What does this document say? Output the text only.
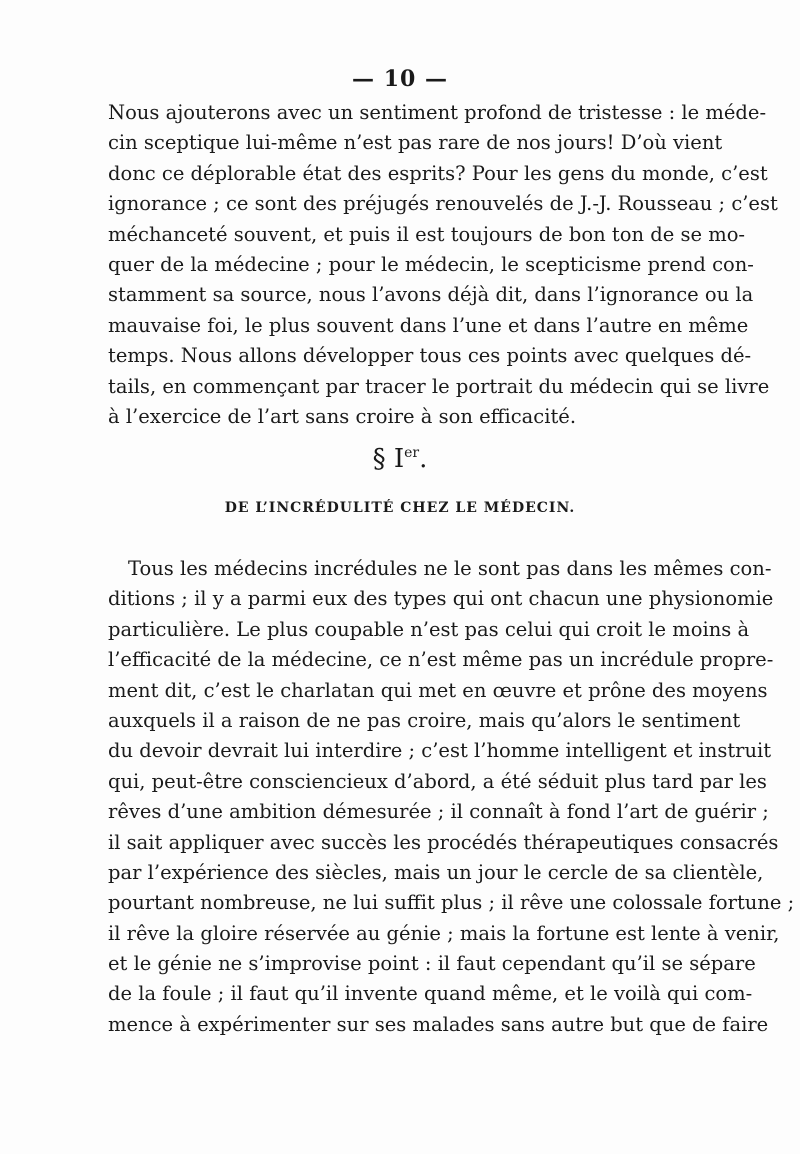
— 10 —
Nous ajouterons avec un sentiment profond de tristesse : le méde-
cin sceptique lui-même n’est pas rare de nos jours! D’où vient
donc ce déplorable état des esprits? Pour les gens du monde, c’est
ignorance ; ce sont des préjugés renouvelés de J.-J. Rousseau ; c’est
méchanceté souvent, et puis il est toujours de bon ton de se mo-
quer de la médecine ; pour le médecin, le scepticisme prend con-
stamment sa source, nous l’avons déjà dit, dans l’ignorance ou la
mauvaise foi, le plus souvent dans l’une et dans l’autre en même
temps. Nous allons développer tous ces points avec quelques dé-
tails, en commençant par tracer le portrait du médecin qui se livre
à l’exercice de l’art sans croire à son efficacité.
§ Ier.
DE L’INCRÉDULITÉ CHEZ LE MÉDECIN.
Tous les médecins incrédules ne le sont pas dans les mêmes con-
ditions ; il y a parmi eux des types qui ont chacun une physionomie
particulière. Le plus coupable n’est pas celui qui croit le moins à
l’efficacité de la médecine, ce n’est même pas un incrédule propre-
ment dit, c’est le charlatan qui met en œuvre et prône des moyens
auxquels il a raison de ne pas croire, mais qu’alors le sentiment
du devoir devrait lui interdire ; c’est l’homme intelligent et instruit
qui, peut-être consciencieux d’abord, a été séduit plus tard par les
rêves d’une ambition démesurée ; il connaît à fond l’art de guérir ;
il sait appliquer avec succès les procédés thérapeutiques consacrés
par l’expérience des siècles, mais un jour le cercle de sa clientèle,
pourtant nombreuse, ne lui suffit plus ; il rêve une colossale fortune ;
il rêve la gloire réservée au génie ; mais la fortune est lente à venir,
et le génie ne s’improvise point : il faut cependant qu’il se sépare
de la foule ; il faut qu’il invente quand même, et le voilà qui com-
mence à expérimenter sur ses malades sans autre but que de faire
